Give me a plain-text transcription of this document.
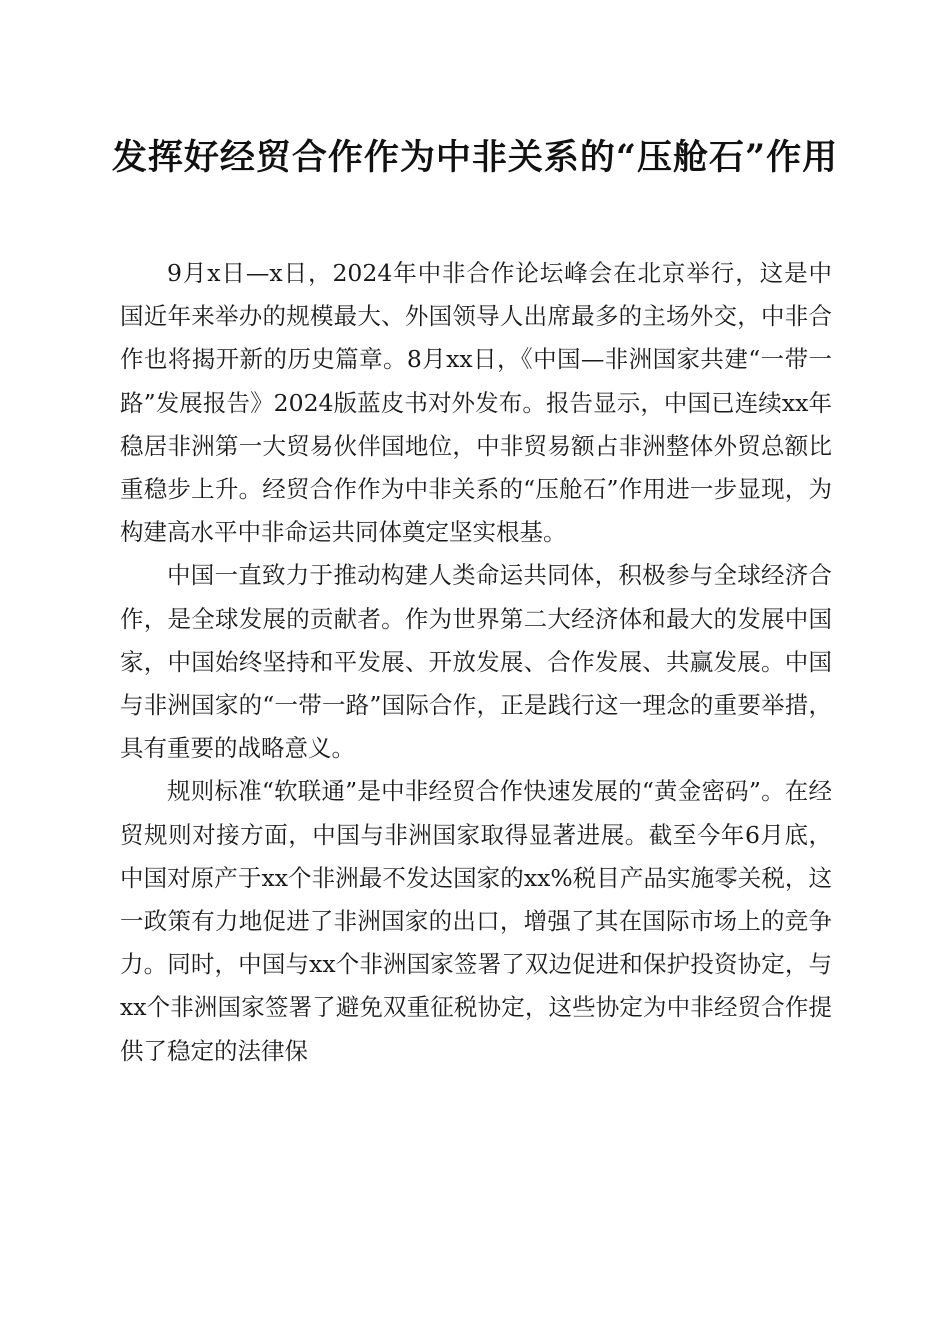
发挥好经贸合作作为中非关系的“压舱石”作用

9月x日—x日，2024年中非合作论坛峰会在北京举行，这是中国近年来举办的规模最大、外国领导人出席最多的主场外交，中非合作也将揭开新的历史篇章。8月xx日，《中国—非洲国家共建“一带一路”发展报告》2024版蓝皮书对外发布。报告显示，中国已连续xx年稳居非洲第一大贸易伙伴国地位，中非贸易额占非洲整体外贸总额比重稳步上升。经贸合作作为中非关系的“压舱石”作用进一步显现，为构建高水平中非命运共同体奠定坚实根基。

中国一直致力于推动构建人类命运共同体，积极参与全球经济合作，是全球发展的贡献者。作为世界第二大经济体和最大的发展中国家，中国始终坚持和平发展、开放发展、合作发展、共赢发展。中国与非洲国家的“一带一路”国际合作，正是践行这一理念的重要举措，具有重要的战略意义。

规则标准“软联通”是中非经贸合作快速发展的“黄金密码”。在经贸规则对接方面，中国与非洲国家取得显著进展。截至今年6月底，中国对原产于xx个非洲最不发达国家的xx%税目产品实施零关税，这一政策有力地促进了非洲国家的出口，增强了其在国际市场上的竞争力。同时，中国与xx个非洲国家签署了双边促进和保护投资协定，与xx个非洲国家签署了避免双重征税协定，这些协定为中非经贸合作提供了稳定的法律保
